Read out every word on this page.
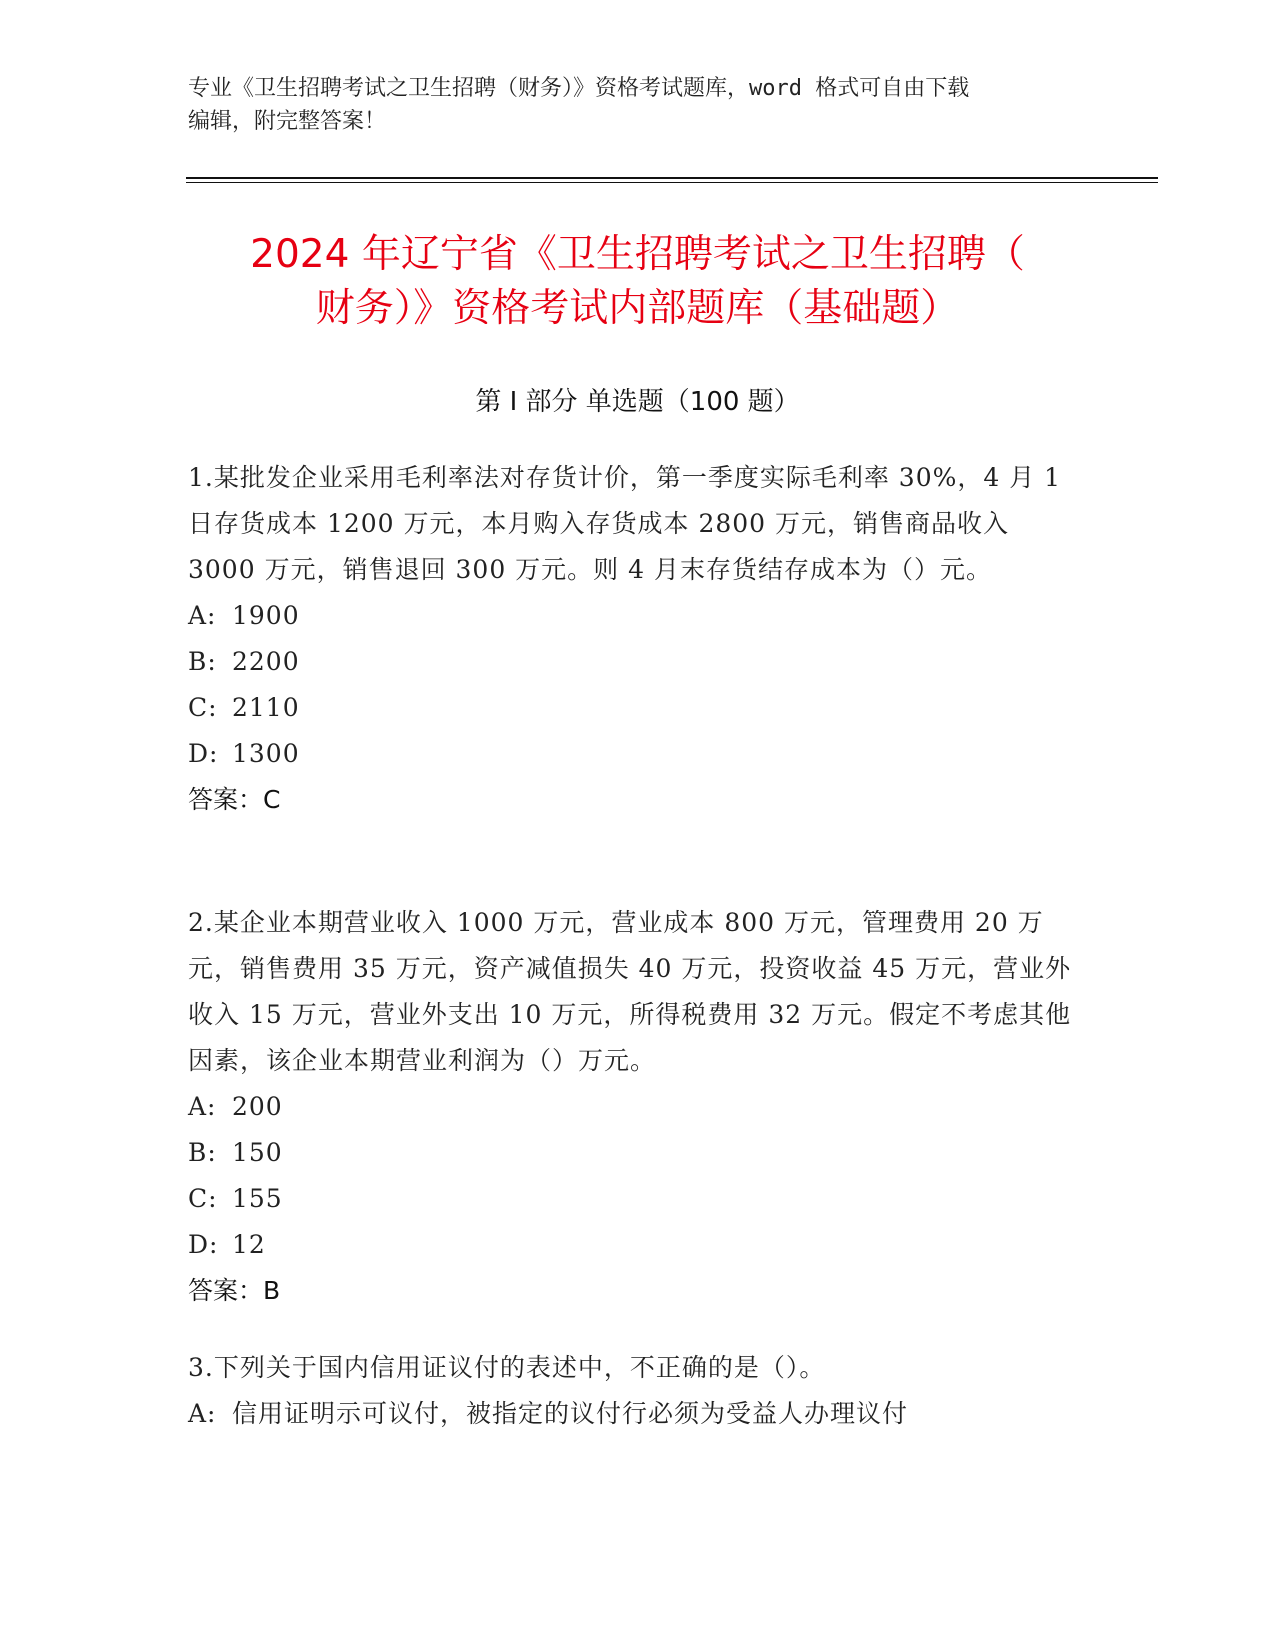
专业《卫生招聘考试之卫生招聘（财务）》资格考试题库，word 格式可自由下载
编辑，附完整答案！
2024 年辽宁省《卫生招聘考试之卫生招聘（
财务）》资格考试内部题库（基础题）
第 I 部分 单选题（100 题）
1.某批发企业采用毛利率法对存货计价，第一季度实际毛利率 30%，4 月 1 日存货成本 1200 万元，本月购入存货成本 2800 万元，销售商品收入 3000 万元，销售退回 300 万元。则 4 月末存货结存成本为（）元。
A: 1900
B: 2200
C: 2110
D: 1300
答案：C
2.某企业本期营业收入 1000 万元，营业成本 800 万元，管理费用 20 万元，销售费用 35 万元，资产减值损失 40 万元，投资收益 45 万元，营业外收入 15 万元，营业外支出 10 万元，所得税费用 32 万元。假定不考虑其他因素，该企业本期营业利润为（）万元。
A: 200
B: 150
C: 155
D: 12
答案：B
3.下列关于国内信用证议付的表述中，不正确的是（）。
A: 信用证明示可议付，被指定的议付行必须为受益人办理议付
